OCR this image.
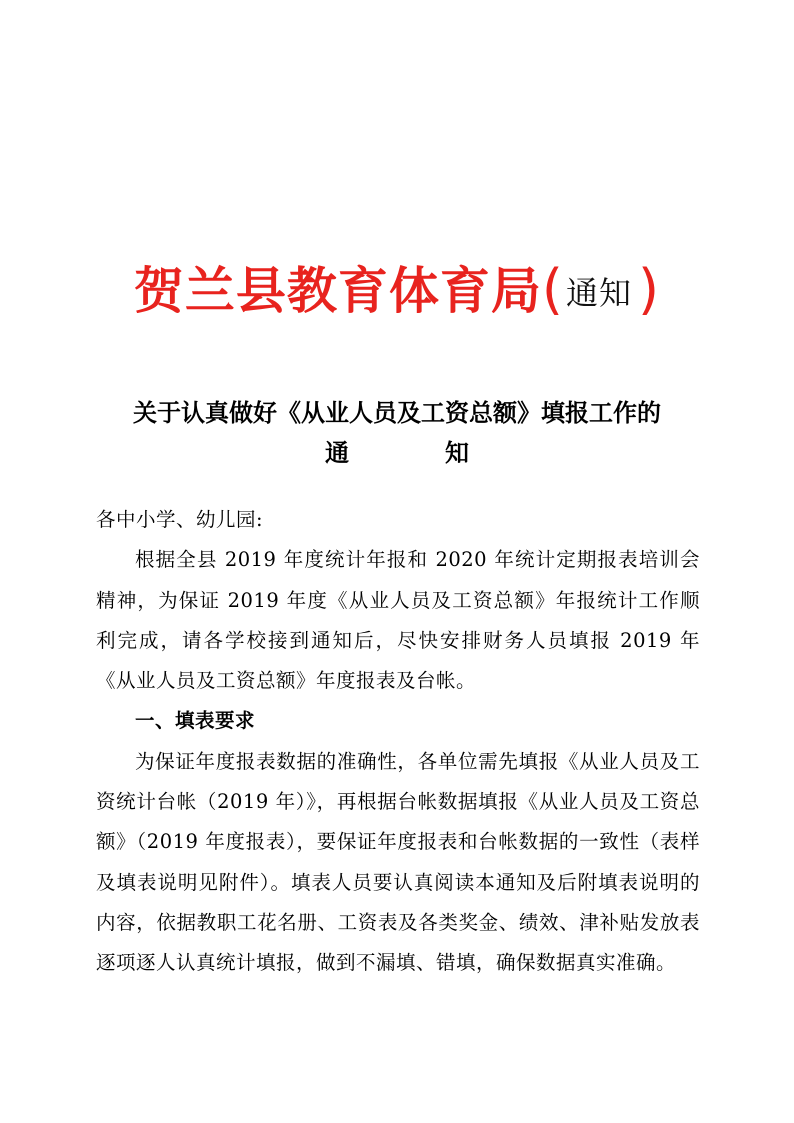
贺兰县教育体育局(通知 )
关于认真做好《从业人员及工资总额》填报工作的
通	知

各中小学、幼儿园:

根据全县 2019 年度统计年报和 2020 年统计定期报表培训会精神，为保证 2019 年度《从业人员及工资总额》年报统计工作顺利完成，请各学校接到通知后，尽快安排财务人员填报 2019 年《从业人员及工资总额》年度报表及台帐。

一、填表要求

为保证年度报表数据的准确性，各单位需先填报《从业人员及工资统计台帐（2019 年）》，再根据台帐数据填报《从业人员及工资总额》（2019 年度报表），要保证年度报表和台帐数据的一致性（表样及填表说明见附件）。填表人员要认真阅读本通知及后附填表说明的内容，依据教职工花名册、工资表及各类奖金、绩效、津补贴发放表逐项逐人认真统计填报，做到不漏填、错填，确保数据真实准确。
